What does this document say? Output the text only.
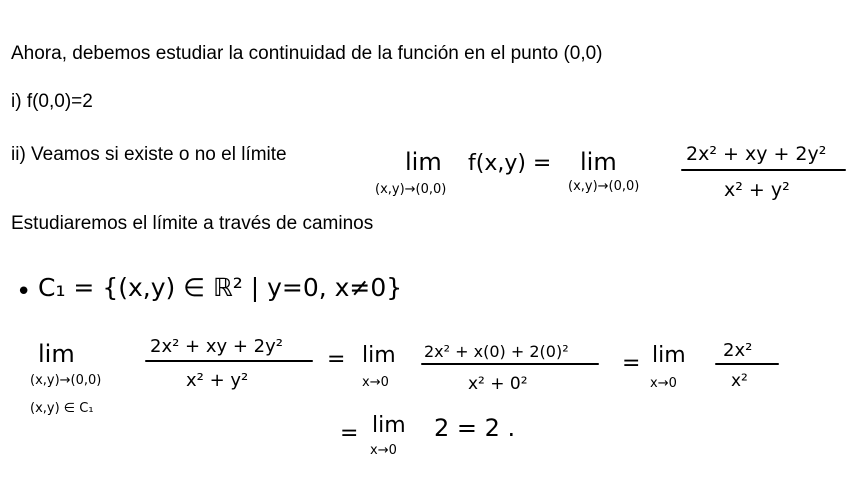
Ahora, debemos estudiar la continuidad de la función en el punto (0,0)
i) f(0,0)=2
ii) Veamos si existe o no el límite
Estudiaremos el límite a través de caminos
lim f(x,y) =
(x,y)→(0,0)
lim
(x,y)→(0,0)
2x² + xy + 2y²
x² + y²
• C₁ = {(x,y) ∈ ℝ² | y=0, x≠0}
lim
(x,y)→(0,0)
(x,y) ∈ C₁
2x² + xy + 2y²
x² + y²
= lim
x→0
2x² + x(0) + 2(0)²
x² + 0²
= lim
x→0
2x²
x²
= lim
x→0
2 = 2 .
